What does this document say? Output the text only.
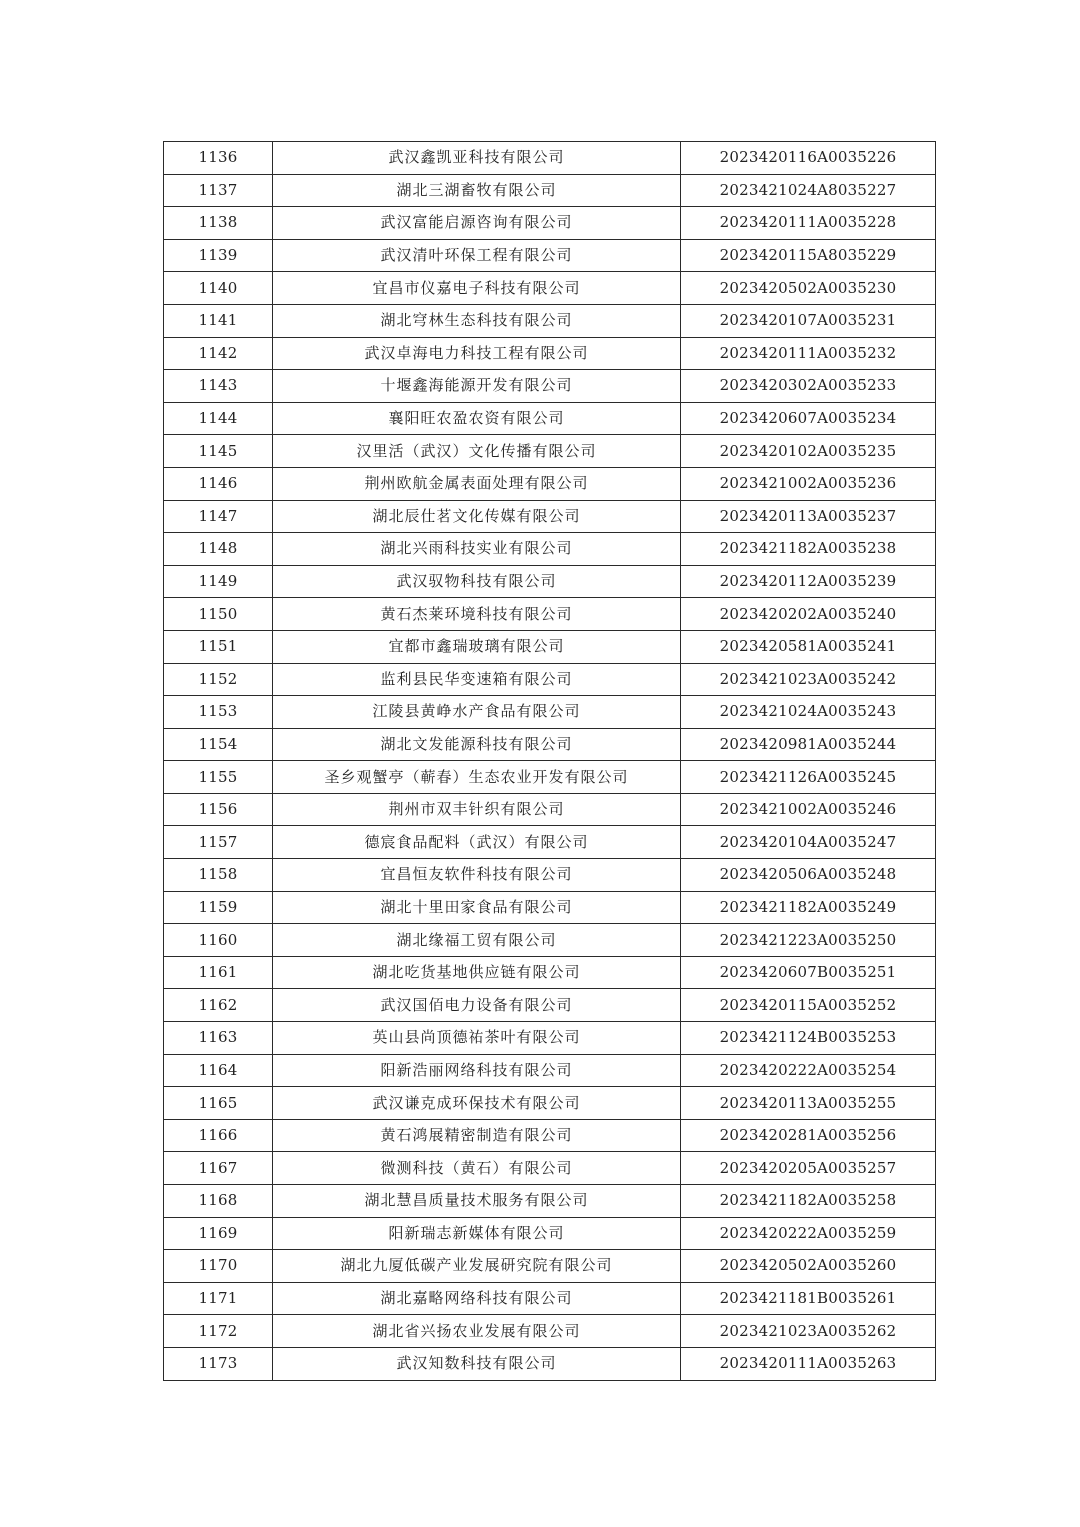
1136	武汉鑫凯亚科技有限公司	2023420116A0035226
1137	湖北三湖畜牧有限公司	2023421024A8035227
1138	武汉富能启源咨询有限公司	2023420111A0035228
1139	武汉清叶环保工程有限公司	2023420115A8035229
1140	宜昌市仪嘉电子科技有限公司	2023420502A0035230
1141	湖北穹林生态科技有限公司	2023420107A0035231
1142	武汉卓海电力科技工程有限公司	2023420111A0035232
1143	十堰鑫海能源开发有限公司	2023420302A0035233
1144	襄阳旺农盈农资有限公司	2023420607A0035234
1145	汉里活（武汉）文化传播有限公司	2023420102A0035235
1146	荆州欧航金属表面处理有限公司	2023421002A0035236
1147	湖北辰仕茗文化传媒有限公司	2023420113A0035237
1148	湖北兴雨科技实业有限公司	2023421182A0035238
1149	武汉驭物科技有限公司	2023420112A0035239
1150	黄石杰莱环境科技有限公司	2023420202A0035240
1151	宜都市鑫瑞玻璃有限公司	2023420581A0035241
1152	监利县民华变速箱有限公司	2023421023A0035242
1153	江陵县黄峥水产食品有限公司	2023421024A0035243
1154	湖北文发能源科技有限公司	2023420981A0035244
1155	圣乡观蟹亭（蕲春）生态农业开发有限公司	2023421126A0035245
1156	荆州市双丰针织有限公司	2023421002A0035246
1157	德宸食品配料（武汉）有限公司	2023420104A0035247
1158	宜昌恒友软件科技有限公司	2023420506A0035248
1159	湖北十里田家食品有限公司	2023421182A0035249
1160	湖北缘福工贸有限公司	2023421223A0035250
1161	湖北吃货基地供应链有限公司	2023420607B0035251
1162	武汉国佰电力设备有限公司	2023420115A0035252
1163	英山县尚顶德祐茶叶有限公司	2023421124B0035253
1164	阳新浩丽网络科技有限公司	2023420222A0035254
1165	武汉谦克成环保技术有限公司	2023420113A0035255
1166	黄石鸿展精密制造有限公司	2023420281A0035256
1167	微测科技（黄石）有限公司	2023420205A0035257
1168	湖北慧昌质量技术服务有限公司	2023421182A0035258
1169	阳新瑞志新媒体有限公司	2023420222A0035259
1170	湖北九厦低碳产业发展研究院有限公司	2023420502A0035260
1171	湖北嘉略网络科技有限公司	2023421181B0035261
1172	湖北省兴扬农业发展有限公司	2023421023A0035262
1173	武汉知数科技有限公司	2023420111A0035263
